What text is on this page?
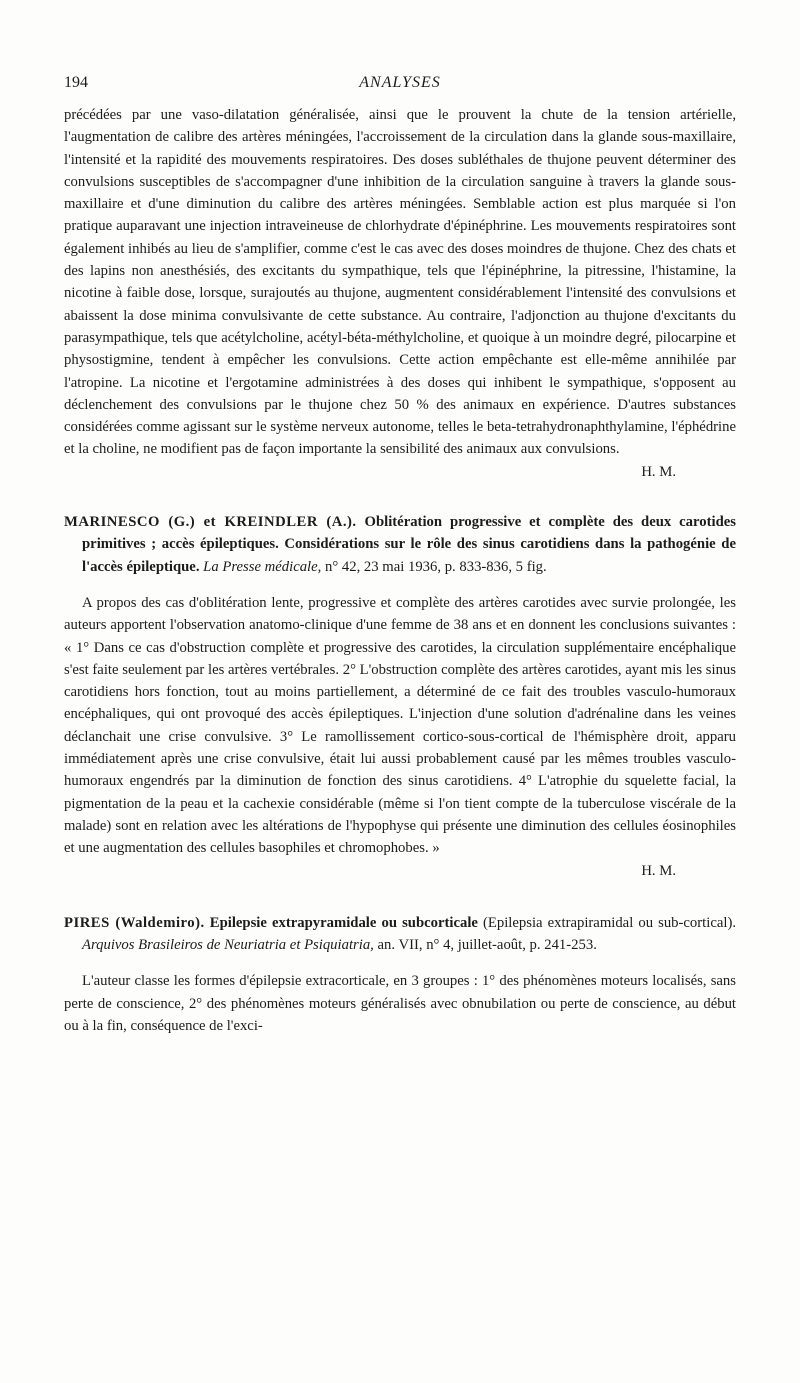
194	ANALYSES

précédées par une vaso-dilatation généralisée, ainsi que le prouvent la chute de la tension artérielle, l'augmentation de calibre des artères méningées, l'accroissement de la circulation dans la glande sous-maxillaire, l'intensité et la rapidité des mouvements respiratoires. Des doses subléthales de thujone peuvent déterminer des convulsions susceptibles de s'accompagner d'une inhibition de la circulation sanguine à travers la glande sous-maxillaire et d'une diminution du calibre des artères méningées. Semblable action est plus marquée si l'on pratique auparavant une injection intraveineuse de chlorhydrate d'épinéphrine. Les mouvements respiratoires sont également inhibés au lieu de s'amplifier, comme c'est le cas avec des doses moindres de thujone. Chez des chats et des lapins non anesthésiés, des excitants du sympathique, tels que l'épinéphrine, la pitressine, l'histamine, la nicotine à faible dose, lorsque, surajoutés au thujone, augmentent considérablement l'intensité des convulsions et abaissent la dose minima convulsivante de cette substance. Au contraire, l'adjonction au thujone d'excitants du parasympathique, tels que acétylcholine, acétyl-béta-méthylcholine, et quoique à un moindre degré, pilocarpine et physostigmine, tendent à empêcher les convulsions. Cette action empêchante est elle-même annihilée par l'atropine. La nicotine et l'ergotamine administrées à des doses qui inhibent le sympathique, s'opposent au déclenchement des convulsions par le thujone chez 50 % des animaux en expérience. D'autres substances considérées comme agissant sur le système nerveux autonome, telles le beta-tetrahydronaphthylamine, l'éphédrine et la choline, ne modifient pas de façon importante la sensibilité des animaux aux convulsions.

H. M.

MARINESCO (G.) et KREINDLER (A.). Oblitération progressive et complète des deux carotides primitives ; accès épileptiques. Considérations sur le rôle des sinus carotidiens dans la pathogénie de l'accès épileptique. La Presse médicale, n° 42, 23 mai 1936, p. 833-836, 5 fig.

A propos des cas d'oblitération lente, progressive et complète des artères carotides avec survie prolongée, les auteurs apportent l'observation anatomo-clinique d'une femme de 38 ans et en donnent les conclusions suivantes : « 1° Dans ce cas d'obstruction complète et progressive des carotides, la circulation supplémentaire encéphalique s'est faite seulement par les artères vertébrales. 2° L'obstruction complète des artères carotides, ayant mis les sinus carotidiens hors fonction, tout au moins partiellement, a déterminé de ce fait des troubles vasculo-humoraux encéphaliques, qui ont provoqué des accès épileptiques. L'injection d'une solution d'adrénaline dans les veines déclanchait une crise convulsive. 3° Le ramollissement cortico-sous-cortical de l'hémisphère droit, apparu immédiatement après une crise convulsive, était lui aussi probablement causé par les mêmes troubles vasculo-humoraux engendrés par la diminution de fonction des sinus carotidiens. 4° L'atrophie du squelette facial, la pigmentation de la peau et la cachexie considérable (même si l'on tient compte de la tuberculose viscérale de la malade) sont en relation avec les altérations de l'hypophyse qui présente une diminution des cellules éosinophiles et une augmentation des cellules basophiles et chromophobes. »

H. M.

PIRES (Waldemiro). Epilepsie extrapyramidale ou subcorticale (Epilepsia extrapiramidal ou sub-cortical). Arquivos Brasileiros de Neuriatria et Psiquiatria, an. VII, n° 4, juillet-août, p. 241-253.

L'auteur classe les formes d'épilepsie extracorticale, en 3 groupes : 1° des phénomènes moteurs localisés, sans perte de conscience, 2° des phénomènes moteurs généralisés avec obnubilation ou perte de conscience, au début ou à la fin, conséquence de l'exci-
